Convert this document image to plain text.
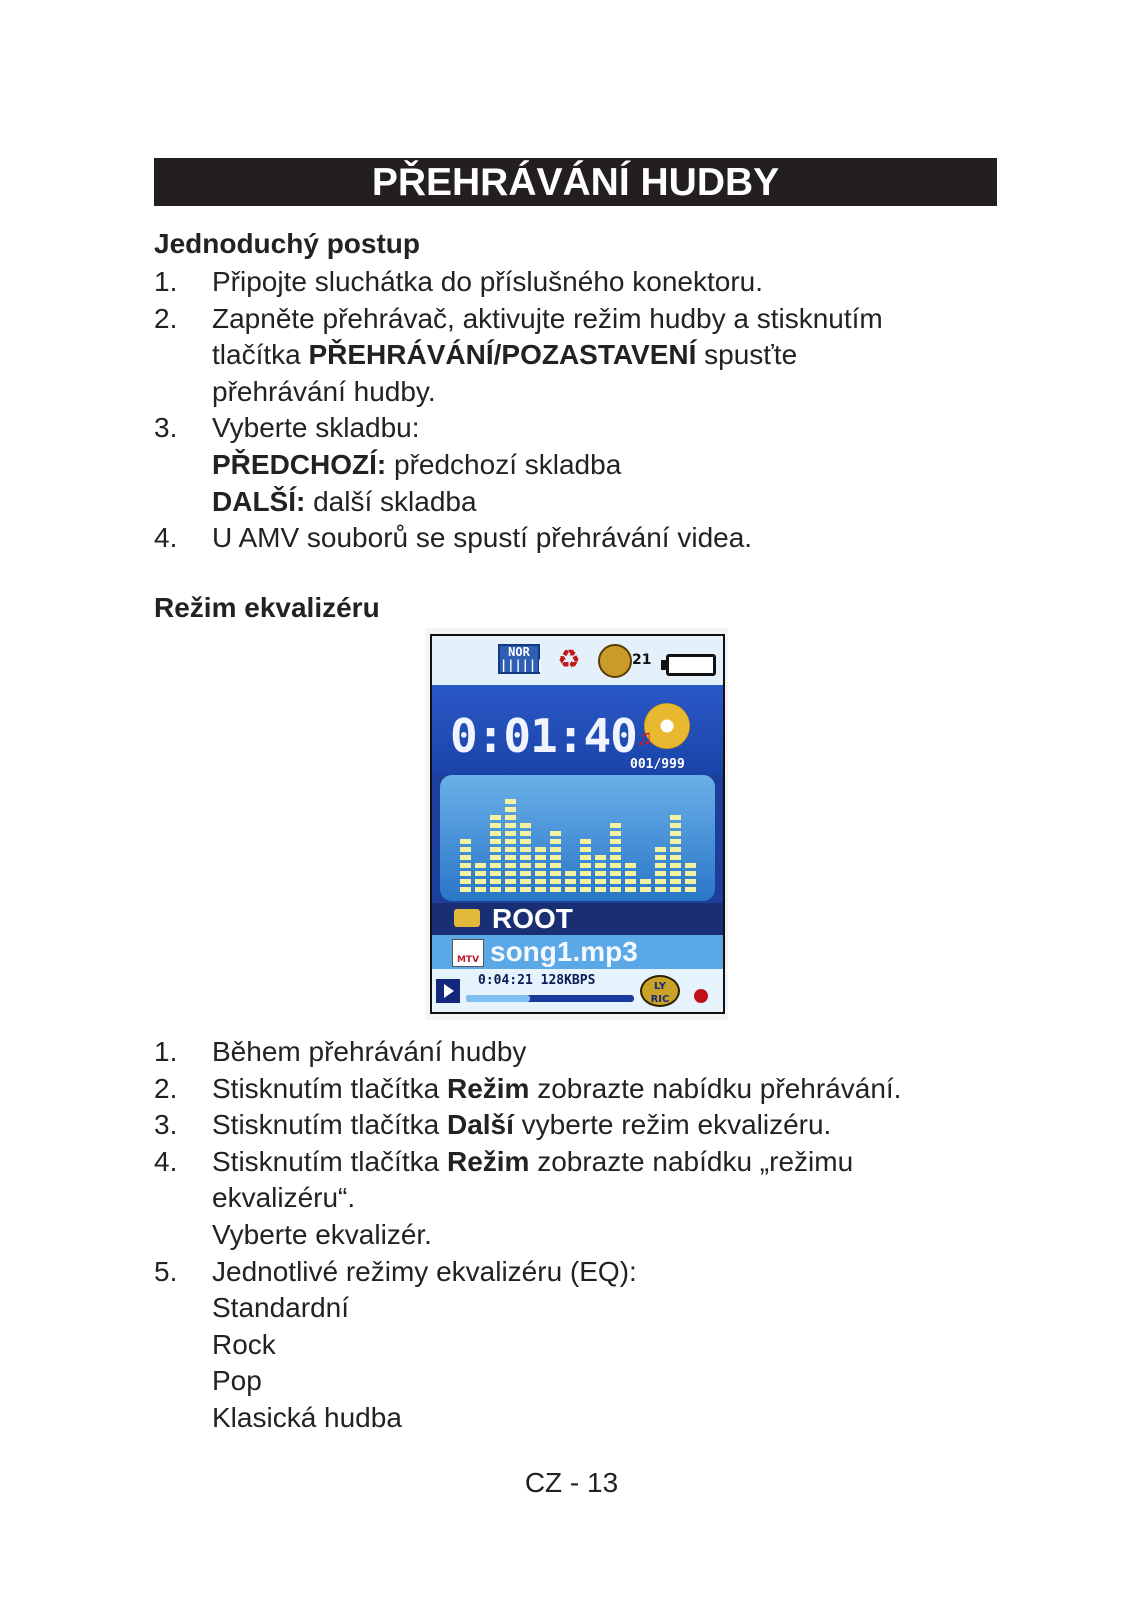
PŘEHRÁVÁNÍ HUDBY
Jednoduchý postup
1.	Připojte sluchátka do příslušného konektoru.
2.	Zapněte přehrávač, aktivujte režim hudby a stisknutím
tlačítka PŘEHRÁVÁNÍ/POZASTAVENÍ spusťte
přehrávání hudby.
3.	Vyberte skladbu:
PŘEDCHOZÍ: předchozí skladba
DALŠÍ: další skladba
4.	U AMV souborů se spustí přehrávání videa.
Režim ekvalizéru
NOR
|||||| ♻	21
0:01:40 ♫
001/999
ROOT
MTV song1.mp3
0:04:21 128KBPS	LY
RIC
1.	Během přehrávání hudby
2.	Stisknutím tlačítka Režim zobrazte nabídku přehrávání.
3.	Stisknutím tlačítka Další vyberte režim ekvalizéru.
4.	Stisknutím tlačítka Režim zobrazte nabídku „režimu
ekvalizéru“.
Vyberte ekvalizér.
5.	Jednotlivé režimy ekvalizéru (EQ):
Standardní
Rock
Pop
Klasická hudba
CZ - 13
